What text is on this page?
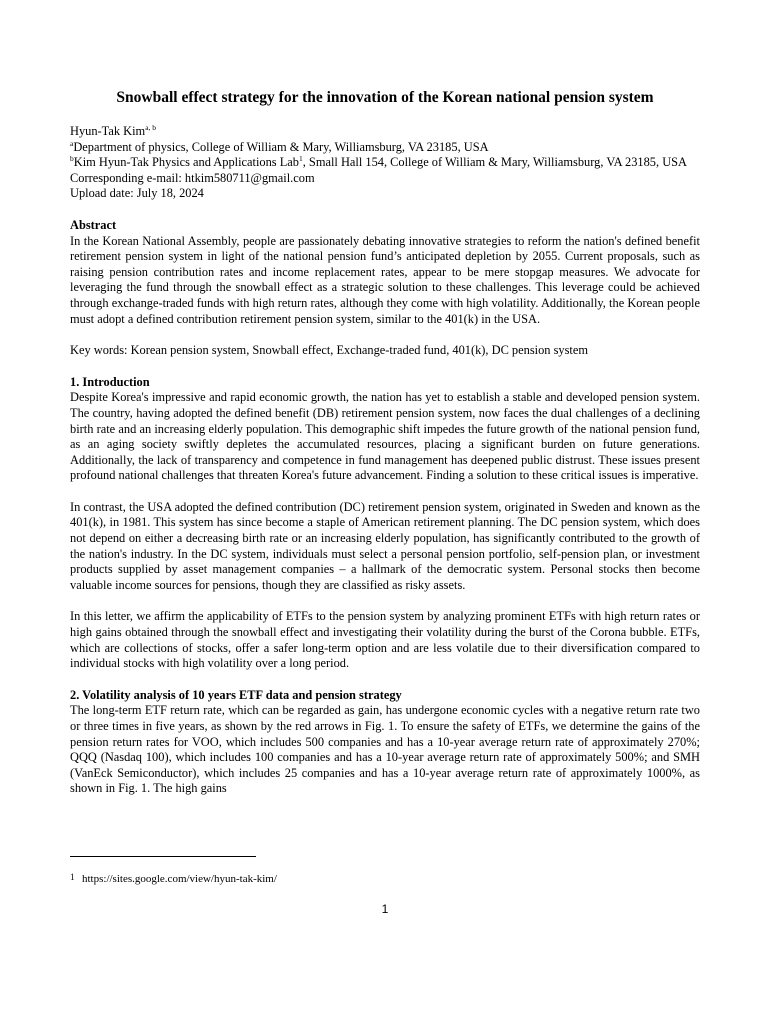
Snowball effect strategy for the innovation of the Korean national pension system
Hyun-Tak Kim$^{a, b}$
$^a$Department of physics, College of William & Mary, Williamsburg, VA 23185, USA
$^b$Kim Hyun-Tak Physics and Applications Lab$^1$, Small Hall 154, College of William & Mary, Williamsburg, VA 23185, USA
Corresponding e-mail: htkim580711@gmail.com
Upload date: July 18, 2024
Abstract
In the Korean National Assembly, people are passionately debating innovative strategies to reform the nation's defined benefit retirement pension system in light of the national pension fund’s anticipated depletion by 2055. Current proposals, such as raising pension contribution rates and income replacement rates, appear to be mere stopgap measures. We advocate for leveraging the fund through the snowball effect as a strategic solution to these challenges. This leverage could be achieved through exchange-traded funds with high return rates, although they come with high volatility. Additionally, the Korean people must adopt a defined contribution retirement pension system, similar to the 401(k) in the USA.
Key words: Korean pension system, Snowball effect, Exchange-traded fund, 401(k), DC pension system
1. Introduction
Despite Korea's impressive and rapid economic growth, the nation has yet to establish a stable and developed pension system. The country, having adopted the defined benefit (DB) retirement pension system, now faces the dual challenges of a declining birth rate and an increasing elderly population. This demographic shift impedes the future growth of the national pension fund, as an aging society swiftly depletes the accumulated resources, placing a significant burden on future generations. Additionally, the lack of transparency and competence in fund management has deepened public distrust. These issues present profound national challenges that threaten Korea's future advancement. Finding a solution to these critical issues is imperative.
In contrast, the USA adopted the defined contribution (DC) retirement pension system, originated in Sweden and known as the 401(k), in 1981. This system has since become a staple of American retirement planning. The DC pension system, which does not depend on either a decreasing birth rate or an increasing elderly population, has significantly contributed to the growth of the nation's industry. In the DC system, individuals must select a personal pension portfolio, self-pension plan, or investment products supplied by asset management companies – a hallmark of the democratic system. Personal stocks then become valuable income sources for pensions, though they are classified as risky assets.
In this letter, we affirm the applicability of ETFs to the pension system by analyzing prominent ETFs with high return rates or high gains obtained through the snowball effect and investigating their volatility during the burst of the Corona bubble. ETFs, which are collections of stocks, offer a safer long-term option and are less volatile due to their diversification compared to individual stocks with high volatility over a long period.
2. Volatility analysis of 10 years ETF data and pension strategy
The long-term ETF return rate, which can be regarded as gain, has undergone economic cycles with a negative return rate two or three times in five years, as shown by the red arrows in Fig. 1. To ensure the safety of ETFs, we determine the gains of the pension return rates for VOO, which includes 500 companies and has a 10-year average return rate of approximately 270%; QQQ (Nasdaq 100), which includes 100 companies and has a 10-year average return rate of approximately 500%; and SMH (VanEck Semiconductor), which includes 25 companies and has a 10-year average return rate of approximately 1000%, as shown in Fig. 1. The high gains
1 https://sites.google.com/view/hyun-tak-kim/
1
